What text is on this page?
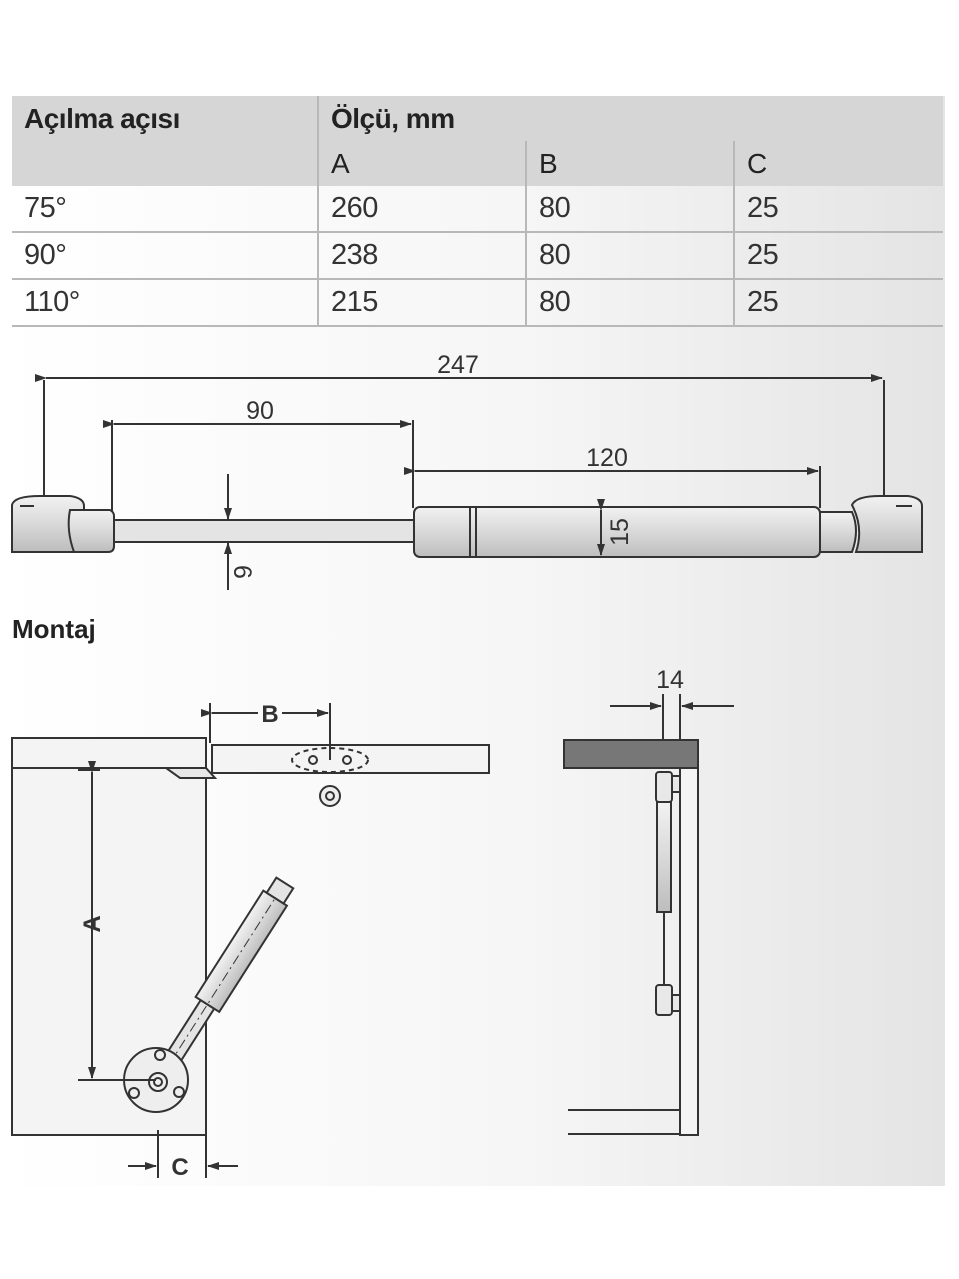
Açılma açısı	Ölçü, mm		
	A	B	C
75°	260	80	25
90°	238	80	25
110°	215	80	25
247
90
120
15
6
A
B
C
14
Montaj
